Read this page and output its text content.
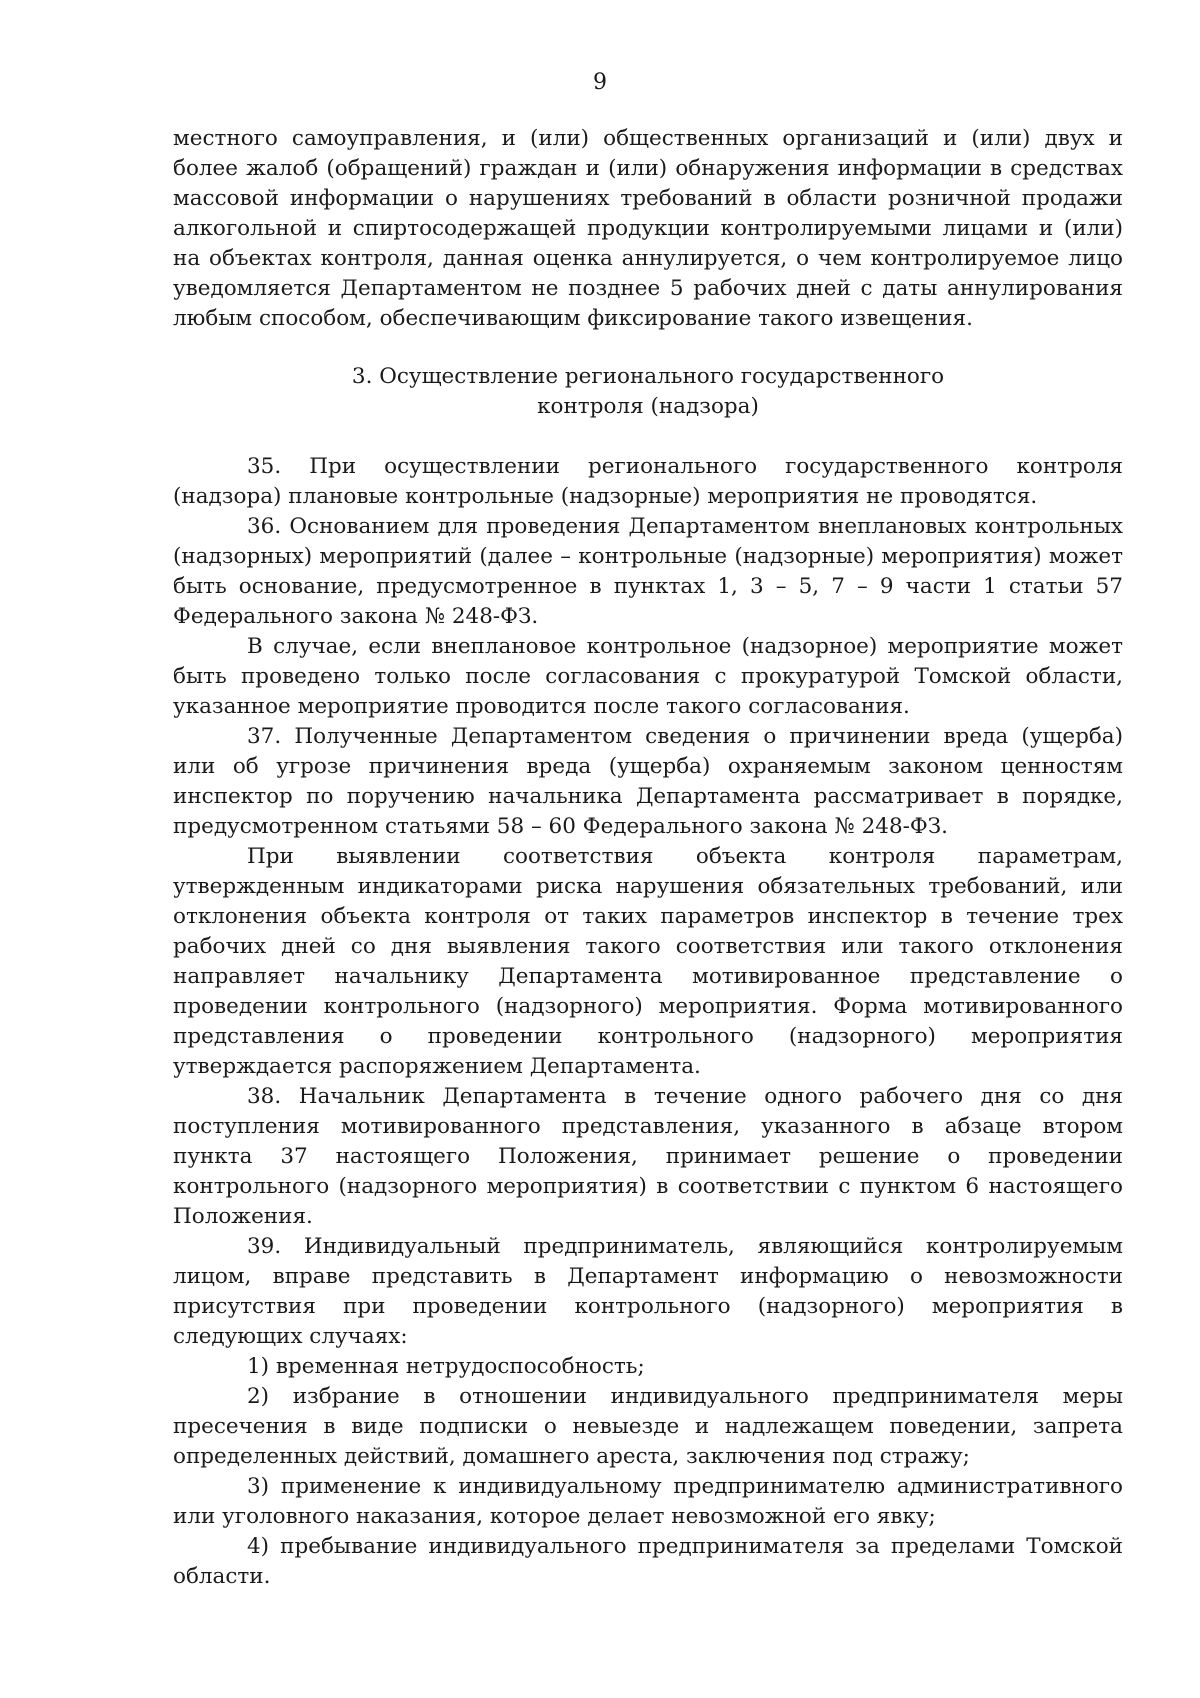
9

местного самоуправления, и (или) общественных организаций и (или) двух и более жалоб (обращений) граждан и (или) обнаружения информации в средствах массовой информации о нарушениях требований в области розничной продажи алкогольной и спиртосодержащей продукции контролируемыми лицами и (или) на объектах контроля, данная оценка аннулируется, о чем контролируемое лицо уведомляется Департаментом не позднее 5 рабочих дней с даты аннулирования любым способом, обеспечивающим фиксирование такого извещения.

3. Осуществление регионального государственного
контроля (надзора)

35. При осуществлении регионального государственного контроля (надзора) плановые контрольные (надзорные) мероприятия не проводятся.

36. Основанием для проведения Департаментом внеплановых контрольных (надзорных) мероприятий (далее – контрольные (надзорные) мероприятия) может быть основание, предусмотренное в пунктах 1, 3 – 5, 7 – 9 части 1 статьи 57 Федерального закона № 248-ФЗ.

В случае, если внеплановое контрольное (надзорное) мероприятие может быть проведено только после согласования с прокуратурой Томской области, указанное мероприятие проводится после такого согласования.

37. Полученные Департаментом сведения о причинении вреда (ущерба) или об угрозе причинения вреда (ущерба) охраняемым законом ценностям инспектор по поручению начальника Департамента рассматривает в порядке, предусмотренном статьями 58 – 60 Федерального закона № 248-ФЗ.

При выявлении соответствия объекта контроля параметрам, утвержденным индикаторами риска нарушения обязательных требований, или отклонения объекта контроля от таких параметров инспектор в течение трех рабочих дней со дня выявления такого соответствия или такого отклонения направляет начальнику Департамента мотивированное представление о проведении контрольного (надзорного) мероприятия. Форма мотивированного представления о проведении контрольного (надзорного) мероприятия утверждается распоряжением Департамента.

38. Начальник Департамента в течение одного рабочего дня со дня поступления мотивированного представления, указанного в абзаце втором пункта 37 настоящего Положения, принимает решение о проведении контрольного (надзорного мероприятия) в соответствии с пунктом 6 настоящего Положения.

39. Индивидуальный предприниматель, являющийся контролируемым лицом, вправе представить в Департамент информацию о невозможности присутствия при проведении контрольного (надзорного) мероприятия в следующих случаях:

1) временная нетрудоспособность;

2) избрание в отношении индивидуального предпринимателя меры пресечения в виде подписки о невыезде и надлежащем поведении, запрета определенных действий, домашнего ареста, заключения под стражу;

3) применение к индивидуальному предпринимателю административного или уголовного наказания, которое делает невозможной его явку;

4) пребывание индивидуального предпринимателя за пределами Томской области.
